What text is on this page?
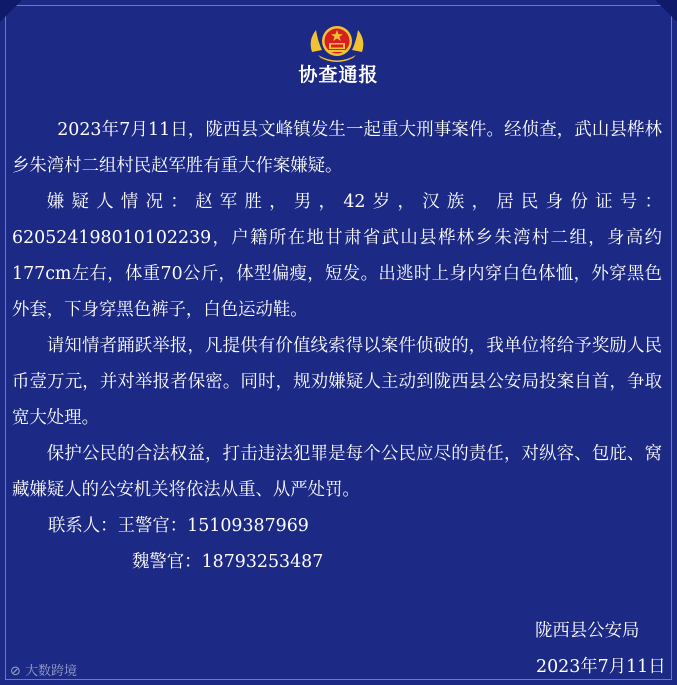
协查通报

2023年7月11日，陇西县文峰镇发生一起重大刑事案件。经侦查，武山县桦林乡朱湾村二组村民赵军胜有重大作案嫌疑。

嫌疑人情况：赵军胜，男，42岁，汉族，居民身份证号：620524198010102239，户籍所在地甘肃省武山县桦林乡朱湾村二组，身高约177cm左右，体重70公斤，体型偏瘦，短发。出逃时上身内穿白色体恤，外穿黑色外套，下身穿黑色裤子，白色运动鞋。

请知情者踊跃举报，凡提供有价值线索得以案件侦破的，我单位将给予奖励人民币壹万元，并对举报者保密。同时，规劝嫌疑人主动到陇西县公安局投案自首，争取宽大处理。

保护公民的合法权益，打击违法犯罪是每个公民应尽的责任，对纵容、包庇、窝藏嫌疑人的公安机关将依法从重、从严处罚。

联系人：王警官：15109387969

魏警官：18793253487

陇西县公安局
2023年7月11日
⊘ 大数跨境
